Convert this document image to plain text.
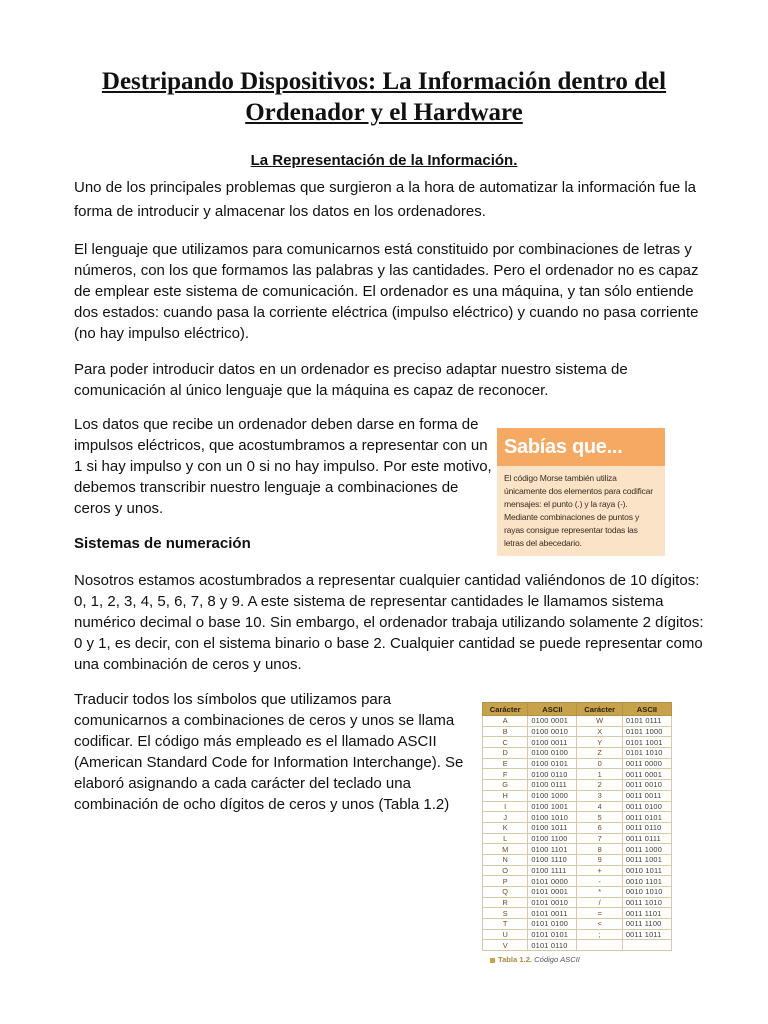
Destripando Dispositivos: La Información dentro del Ordenador y el Hardware
La Representación de la Información.

Uno de los principales problemas que surgieron a la hora de automatizar la información fue la forma de introducir y almacenar los datos en los ordenadores.

El lenguaje que utilizamos para comunicarnos está constituido por combinaciones de letras y números, con los que formamos las palabras y las cantidades. Pero el ordenador no es capaz de emplear este sistema de comunicación. El ordenador es una máquina, y tan sólo entiende dos estados: cuando pasa la corriente eléctrica (impulso eléctrico) y cuando no pasa corriente (no hay impulso eléctrico).

Para poder introducir datos en un ordenador es preciso adaptar nuestro sistema de comunicación al único lenguaje que la máquina es capaz de reconocer.

Los datos que recibe un ordenador deben darse en forma de impulsos eléctricos, que acostumbramos a representar con un 1 si hay impulso y con un 0 si no hay impulso. Por este motivo, debemos transcribir nuestro lenguaje a combinaciones de ceros y unos.

Sabías que...
El código Morse también utiliza únicamente dos elementos para codificar mensajes: el punto (.) y la raya (-). Mediante combinaciones de puntos y rayas consigue representar todas las letras del abecedario.
Sistemas de numeración

Nosotros estamos acostumbrados a representar cualquier cantidad valiéndonos de 10 dígitos: 0, 1, 2, 3, 4, 5, 6, 7, 8 y 9. A este sistema de representar cantidades le llamamos sistema numérico decimal o base 10. Sin embargo, el ordenador trabaja utilizando solamente 2 dígitos: 0 y 1, es decir, con el sistema binario o base 2. Cualquier cantidad se puede representar como una combinación de ceros y unos.

Traducir todos los símbolos que utilizamos para comunicarnos a combinaciones de ceros y unos se llama codificar. El código más empleado es el llamado ASCII (American Standard Code for Information Interchange). Se elaboró asignando a cada carácter del teclado una combinación de ocho dígitos de ceros y unos (Tabla 1.2)

Carácter	ASCII	Carácter	ASCII
A	0100 0001	W	0101 0111
B	0100 0010	X	0101 1000
C	0100 0011	Y	0101 1001
D	0100 0100	Z	0101 1010
E	0100 0101	0	0011 0000
F	0100 0110	1	0011 0001
G	0100 0111	2	0011 0010
H	0100 1000	3	0011 0011
I	0100 1001	4	0011 0100
J	0100 1010	5	0011 0101
K	0100 1011	6	0011 0110
L	0100 1100	7	0011 0111
M	0100 1101	8	0011 1000
N	0100 1110	9	0011 1001
O	0100 1111	+	0010 1011
P	0101 0000	-	0010 1101
Q	0101 0001	*	0010 1010
R	0101 0010	/	0011 1010
S	0101 0011	=	0011 1101
T	0101 0100	<	0011 1100
U	0101 0101	;	0011 1011
V	0101 0110		
Tabla 1.2. Código ASCII
